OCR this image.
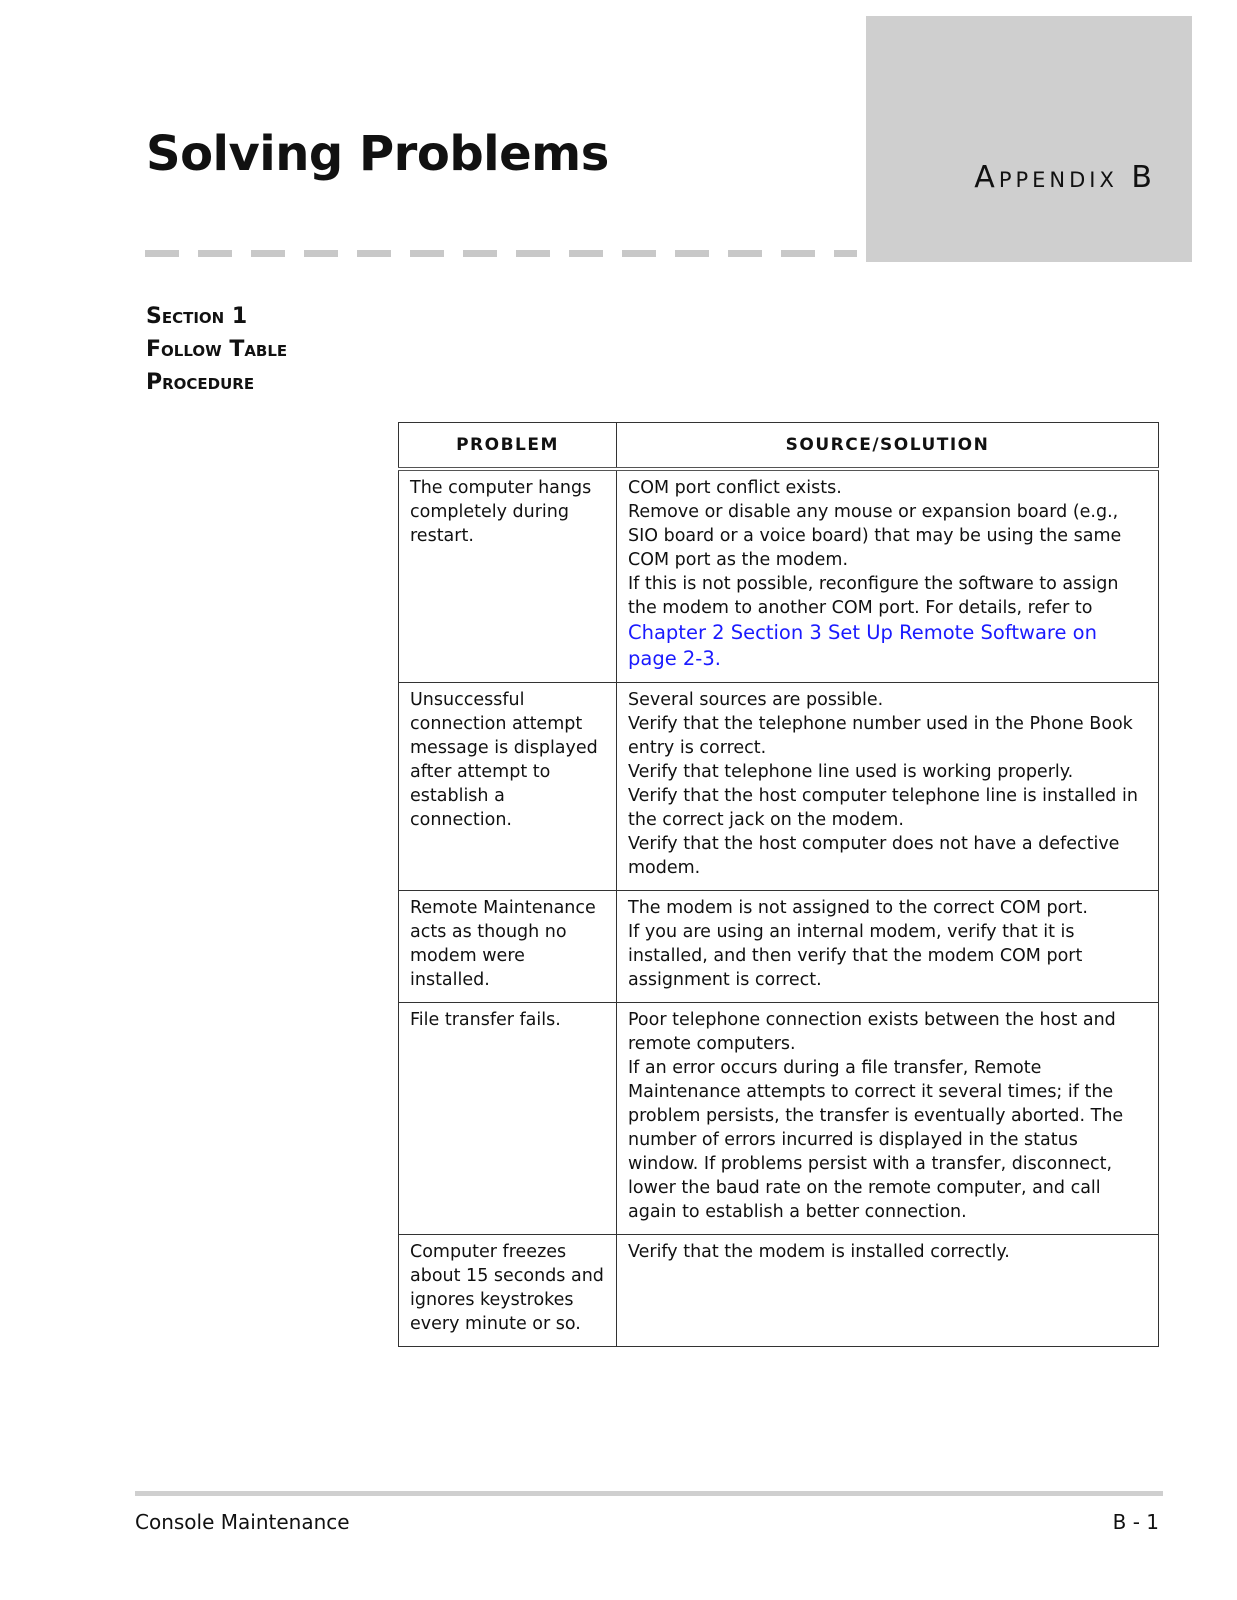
Appendix B
Solving Problems
Section 1
Follow Table
Procedure
PROBLEM	SOURCE/SOLUTION
The computer hangs completely during restart.	COM port conflict exists.
Remove or disable any mouse or expansion board (e.g., SIO board or a voice board) that may be using the same COM port as the modem.
If this is not possible, reconfigure the software to assign the modem to another COM port. For details, refer to
Chapter 2 Section 3 Set Up Remote Software on page 2-3.

Unsuccessful connection attempt message is displayed after attempt to establish a connection.	Several sources are possible.
Verify that the telephone number used in the Phone Book entry is correct.
Verify that telephone line used is working properly.
Verify that the host computer telephone line is installed in the correct jack on the modem.
Verify that the host computer does not have a defective modem.

Remote Maintenance acts as though no modem were installed.	The modem is not assigned to the correct COM port.
If you are using an internal modem, verify that it is installed, and then verify that the modem COM port assignment is correct.

File transfer fails.	Poor telephone connection exists between the host and remote computers.
If an error occurs during a file transfer, Remote Maintenance attempts to correct it several times; if the problem persists, the transfer is eventually aborted. The number of errors incurred is displayed in the status window. If problems persist with a transfer, disconnect, lower the baud rate on the remote computer, and call again to establish a better connection.

Computer freezes about 15 seconds and ignores keystrokes every minute or so.	Verify that the modem is installed correctly.
Console Maintenance	B - 1
